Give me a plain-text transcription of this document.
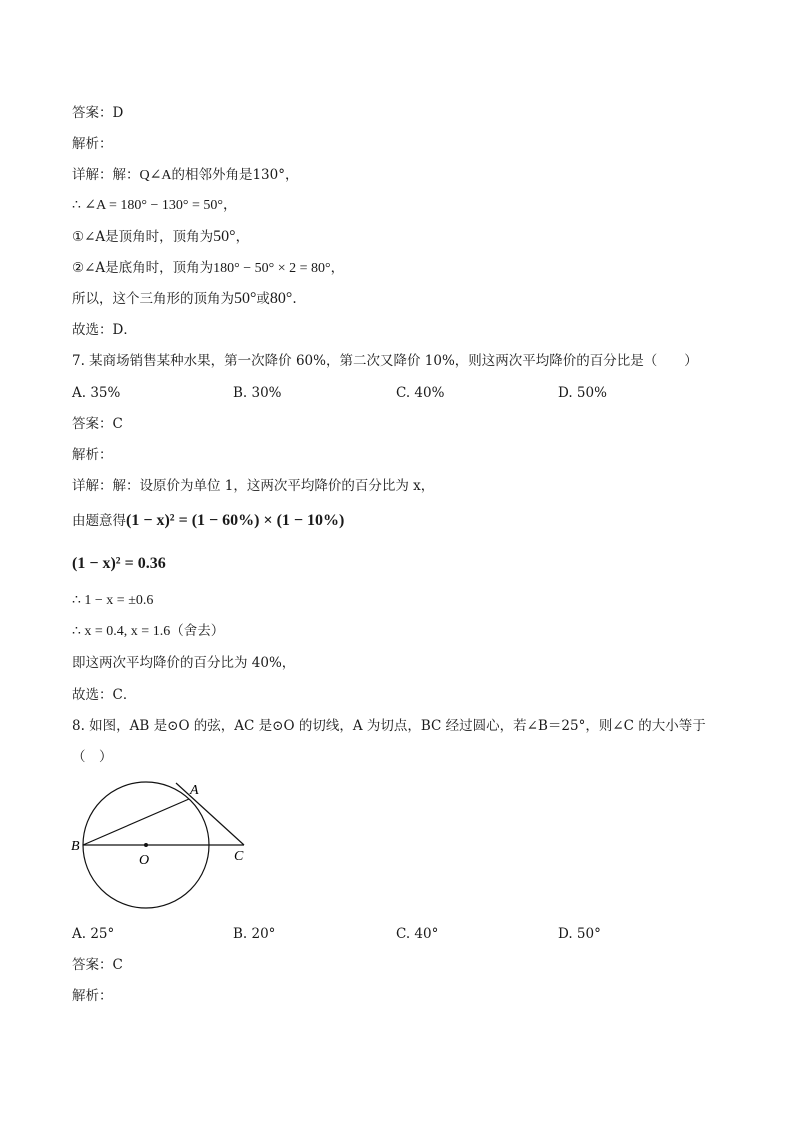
答案：D
解析：
详解：解：Q∠A的相邻外角是130°，
∴ ∠A = 180° − 130° = 50°，
①∠A是顶角时，顶角为50°，
②∠A是底角时，顶角为180° − 50° × 2 = 80°，
所以，这个三角形的顶角为50°或80°.
故选：D．
7. 某商场销售某种水果，第一次降价 60%，第二次又降价 10%，则这两次平均降价的百分比是（　　）
A. 35%	B. 30%	C. 40%	D. 50%
答案：C
解析：
详解：解：设原价为单位 1，这两次平均降价的百分比为 x，
由题意得(1 − x)² = (1 − 60%) × (1 − 10%)
(1 − x)² = 0.36
∴ 1 − x = ±0.6
∴ x = 0.4, x = 1.6（舍去）
即这两次平均降价的百分比为 40%，
故选：C．
8. 如图，AB 是⊙O 的弦，AC 是⊙O 的切线，A 为切点，BC 经过圆心，若∠B＝25°，则∠C 的大小等于
（　）
A
B
O	C
A. 25°	B. 20°	C. 40°	D. 50°
答案：C
解析：
